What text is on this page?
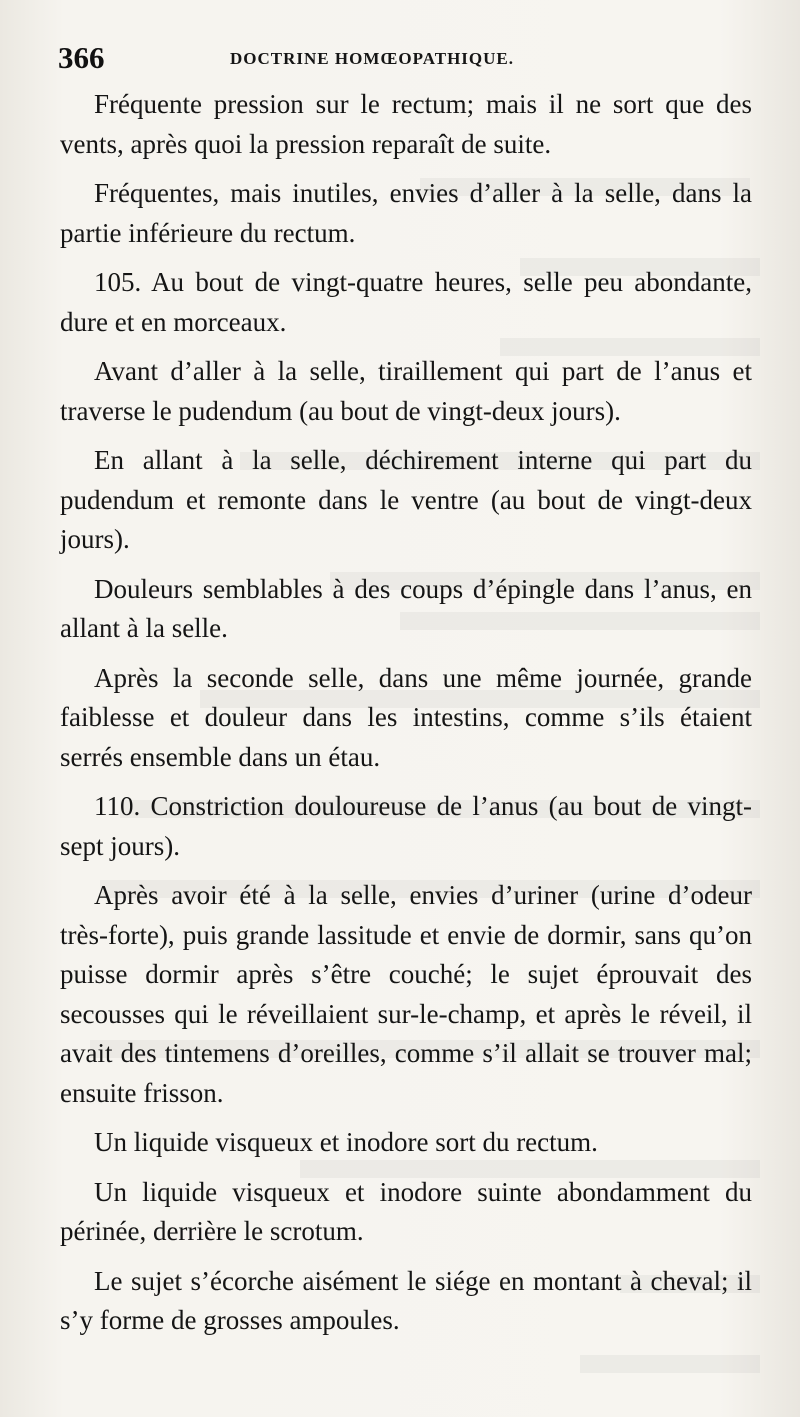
366	DOCTRINE HOMŒOPATHIQUE.

Fréquente pression sur le rectum; mais il ne sort que des vents, après quoi la pression reparaît de suite.

Fréquentes, mais inutiles, envies d’aller à la selle, dans la partie inférieure du rectum.

105. Au bout de vingt-quatre heures, selle peu abondante, dure et en morceaux.

Avant d’aller à la selle, tiraillement qui part de l’anus et traverse le pudendum (au bout de vingt-deux jours).

En allant à la selle, déchirement interne qui part du pudendum et remonte dans le ventre (au bout de vingt-deux jours).

Douleurs semblables à des coups d’épingle dans l’anus, en allant à la selle.

Après la seconde selle, dans une même journée, grande faiblesse et douleur dans les intestins, comme s’ils étaient serrés ensemble dans un étau.

110. Constriction douloureuse de l’anus (au bout de vingt-sept jours).

Après avoir été à la selle, envies d’uriner (urine d’odeur très-forte), puis grande lassitude et envie de dormir, sans qu’on puisse dormir après s’être couché; le sujet éprouvait des secousses qui le réveillaient sur-le-champ, et après le réveil, il avait des tintemens d’oreilles, comme s’il allait se trouver mal; ensuite frisson.

Un liquide visqueux et inodore sort du rectum.

Un liquide visqueux et inodore suinte abondamment du périnée, derrière le scrotum.

Le sujet s’écorche aisément le siége en montant à cheval; il s’y forme de grosses ampoules.
